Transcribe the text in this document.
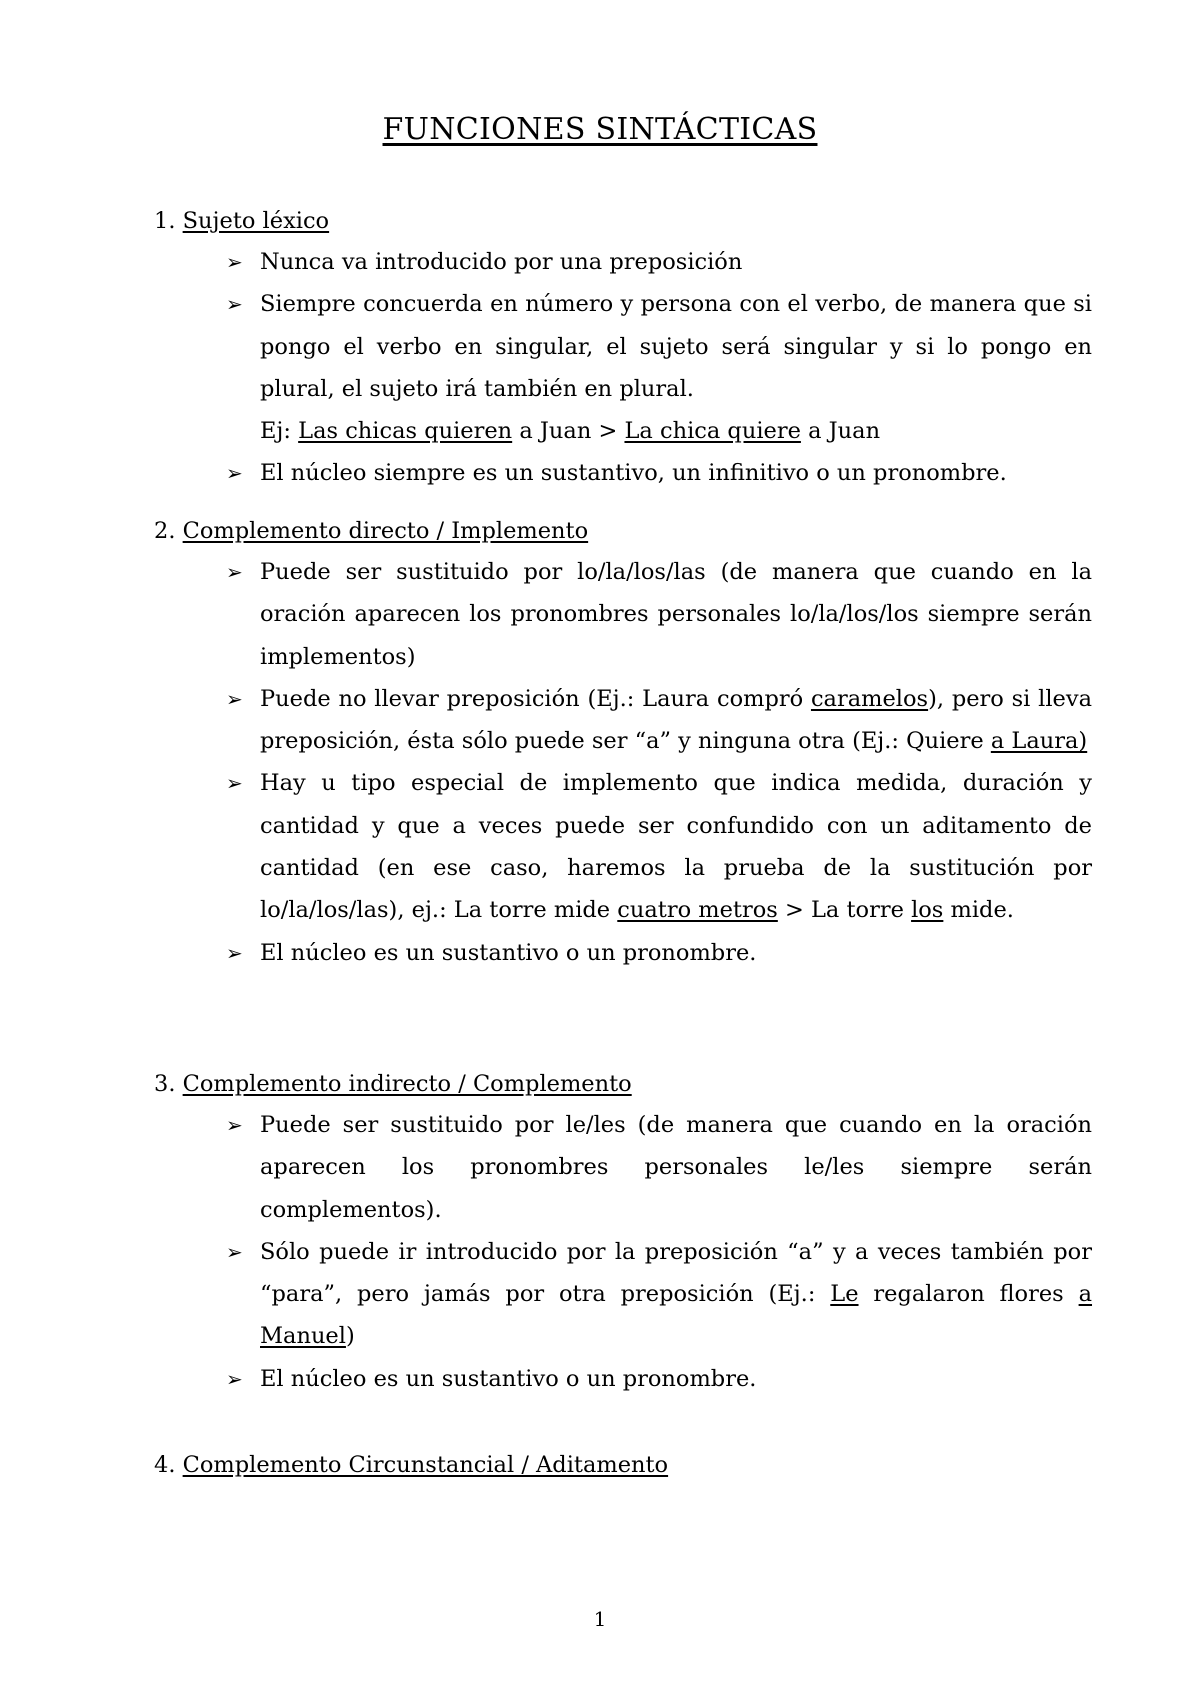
FUNCIONES SINTÁCTICAS
1. Sujeto léxico
➢ Nunca va introducido por una preposición
➢ Siempre concuerda en número y persona con el verbo, de manera que si pongo el verbo en singular, el sujeto será singular y si lo pongo en plural, el sujeto irá también en plural.
Ej: Las chicas quieren a Juan > La chica quiere a Juan
➢ El núcleo siempre es un sustantivo, un infinitivo o un pronombre.
2. Complemento directo / Implemento
➢ Puede ser sustituido por lo/la/los/las (de manera que cuando en la oración aparecen los pronombres personales lo/la/los/los siempre serán implementos)
➢ Puede no llevar preposición (Ej.: Laura compró caramelos), pero si lleva preposición, ésta sólo puede ser “a” y ninguna otra (Ej.: Quiere a Laura)
➢ Hay u tipo especial de implemento que indica medida, duración y cantidad y que a veces puede ser confundido con un aditamento de cantidad (en ese caso, haremos la prueba de la sustitución por lo/la/los/las), ej.: La torre mide cuatro metros > La torre los mide.
➢ El núcleo es un sustantivo o un pronombre.
3. Complemento indirecto / Complemento
➢ Puede ser sustituido por le/les (de manera que cuando en la oración aparecen los pronombres personales le/les siempre serán complementos).
➢ Sólo puede ir introducido por la preposición “a” y a veces también por “para”, pero jamás por otra preposición (Ej.: Le regalaron flores a Manuel)
➢ El núcleo es un sustantivo o un pronombre.
4. Complemento Circunstancial / Aditamento
1
